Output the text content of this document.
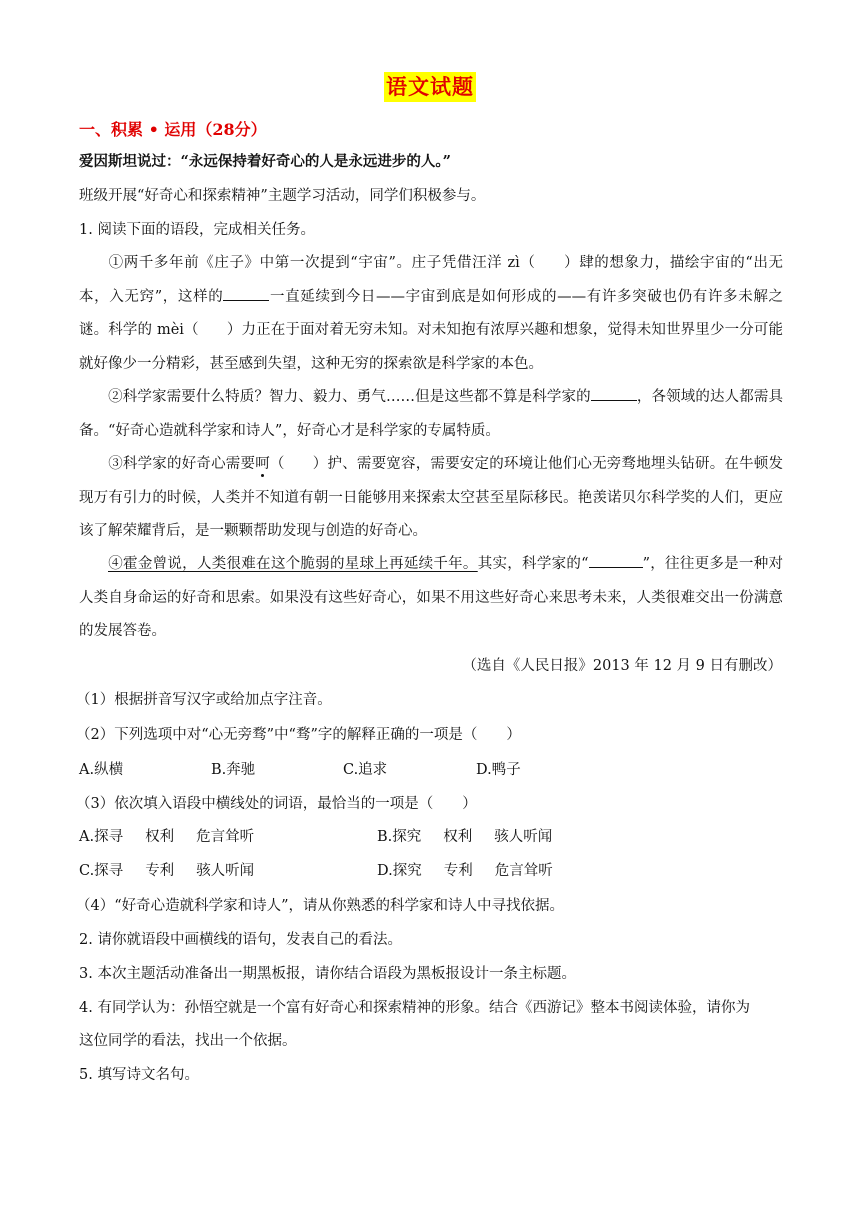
语文试题
一、积累 • 运用（28分）
爱因斯坦说过：“永远保持着好奇心的人是永远进步的人。”
班级开展“好奇心和探索精神”主题学习活动，同学们积极参与。
1. 阅读下面的语段，完成相关任务。
①两千多年前《庄子》中第一次提到“宇宙”。庄子凭借汪洋 zì（ ）肆的想象力，描绘宇宙的“出无本，入无窍”，这样的	一直延续到今日——宇宙到底是如何形成的——有许多突破也仍有许多未解之谜。科学的 mèi（ ）力正在于面对着无穷未知。对未知抱有浓厚兴趣和想象，觉得未知世界里少一分可能就好像少一分精彩，甚至感到失望，这种无穷的探索欲是科学家的本色。
②科学家需要什么特质？智力、毅力、勇气……但是这些都不算是科学家的	，各领域的达人都需具备。“好奇心造就科学家和诗人”，好奇心才是科学家的专属特质。
③科学家的好奇心需要呵（ ）护、需要宽容，需要安定的环境让他们心无旁骛地埋头钻研。在牛顿发现万有引力的时候，人类并不知道有朝一日能够用来探索太空甚至星际移民。艳羡诺贝尔科学奖的人们，更应该了解荣耀背后，是一颗颗帮助发现与创造的好奇心。
④霍金曾说，人类很难在这个脆弱的星球上再延续千年。其实，科学家的“	”，往往更多是一种对人类自身命运的好奇和思索。如果没有这些好奇心，如果不用这些好奇心来思考未来，人类很难交出一份满意的发展答卷。
（选自《人民日报》2013 年 12 月 9 日有删改）
（1）根据拼音写汉字或给加点字注音。
（2）下列选项中对“心无旁骛”中“骛”字的解释正确的一项是（　　）
A.纵横	B.奔驰	C.追求	D.鸭子
（3）依次填入语段中横线处的词语，最恰当的一项是（　　）
A.探寻 权利 危言耸听	B.探究 权利 骇人听闻
C.探寻 专利 骇人听闻	D.探究 专利 危言耸听
（4）“好奇心造就科学家和诗人”，请从你熟悉的科学家和诗人中寻找依据。
2. 请你就语段中画横线的语句，发表自己的看法。
3. 本次主题活动准备出一期黑板报，请你结合语段为黑板报设计一条主标题。
4. 有同学认为：孙悟空就是一个富有好奇心和探索精神的形象。结合《西游记》整本书阅读体验，请你为
这位同学的看法，找出一个依据。
5. 填写诗文名句。
